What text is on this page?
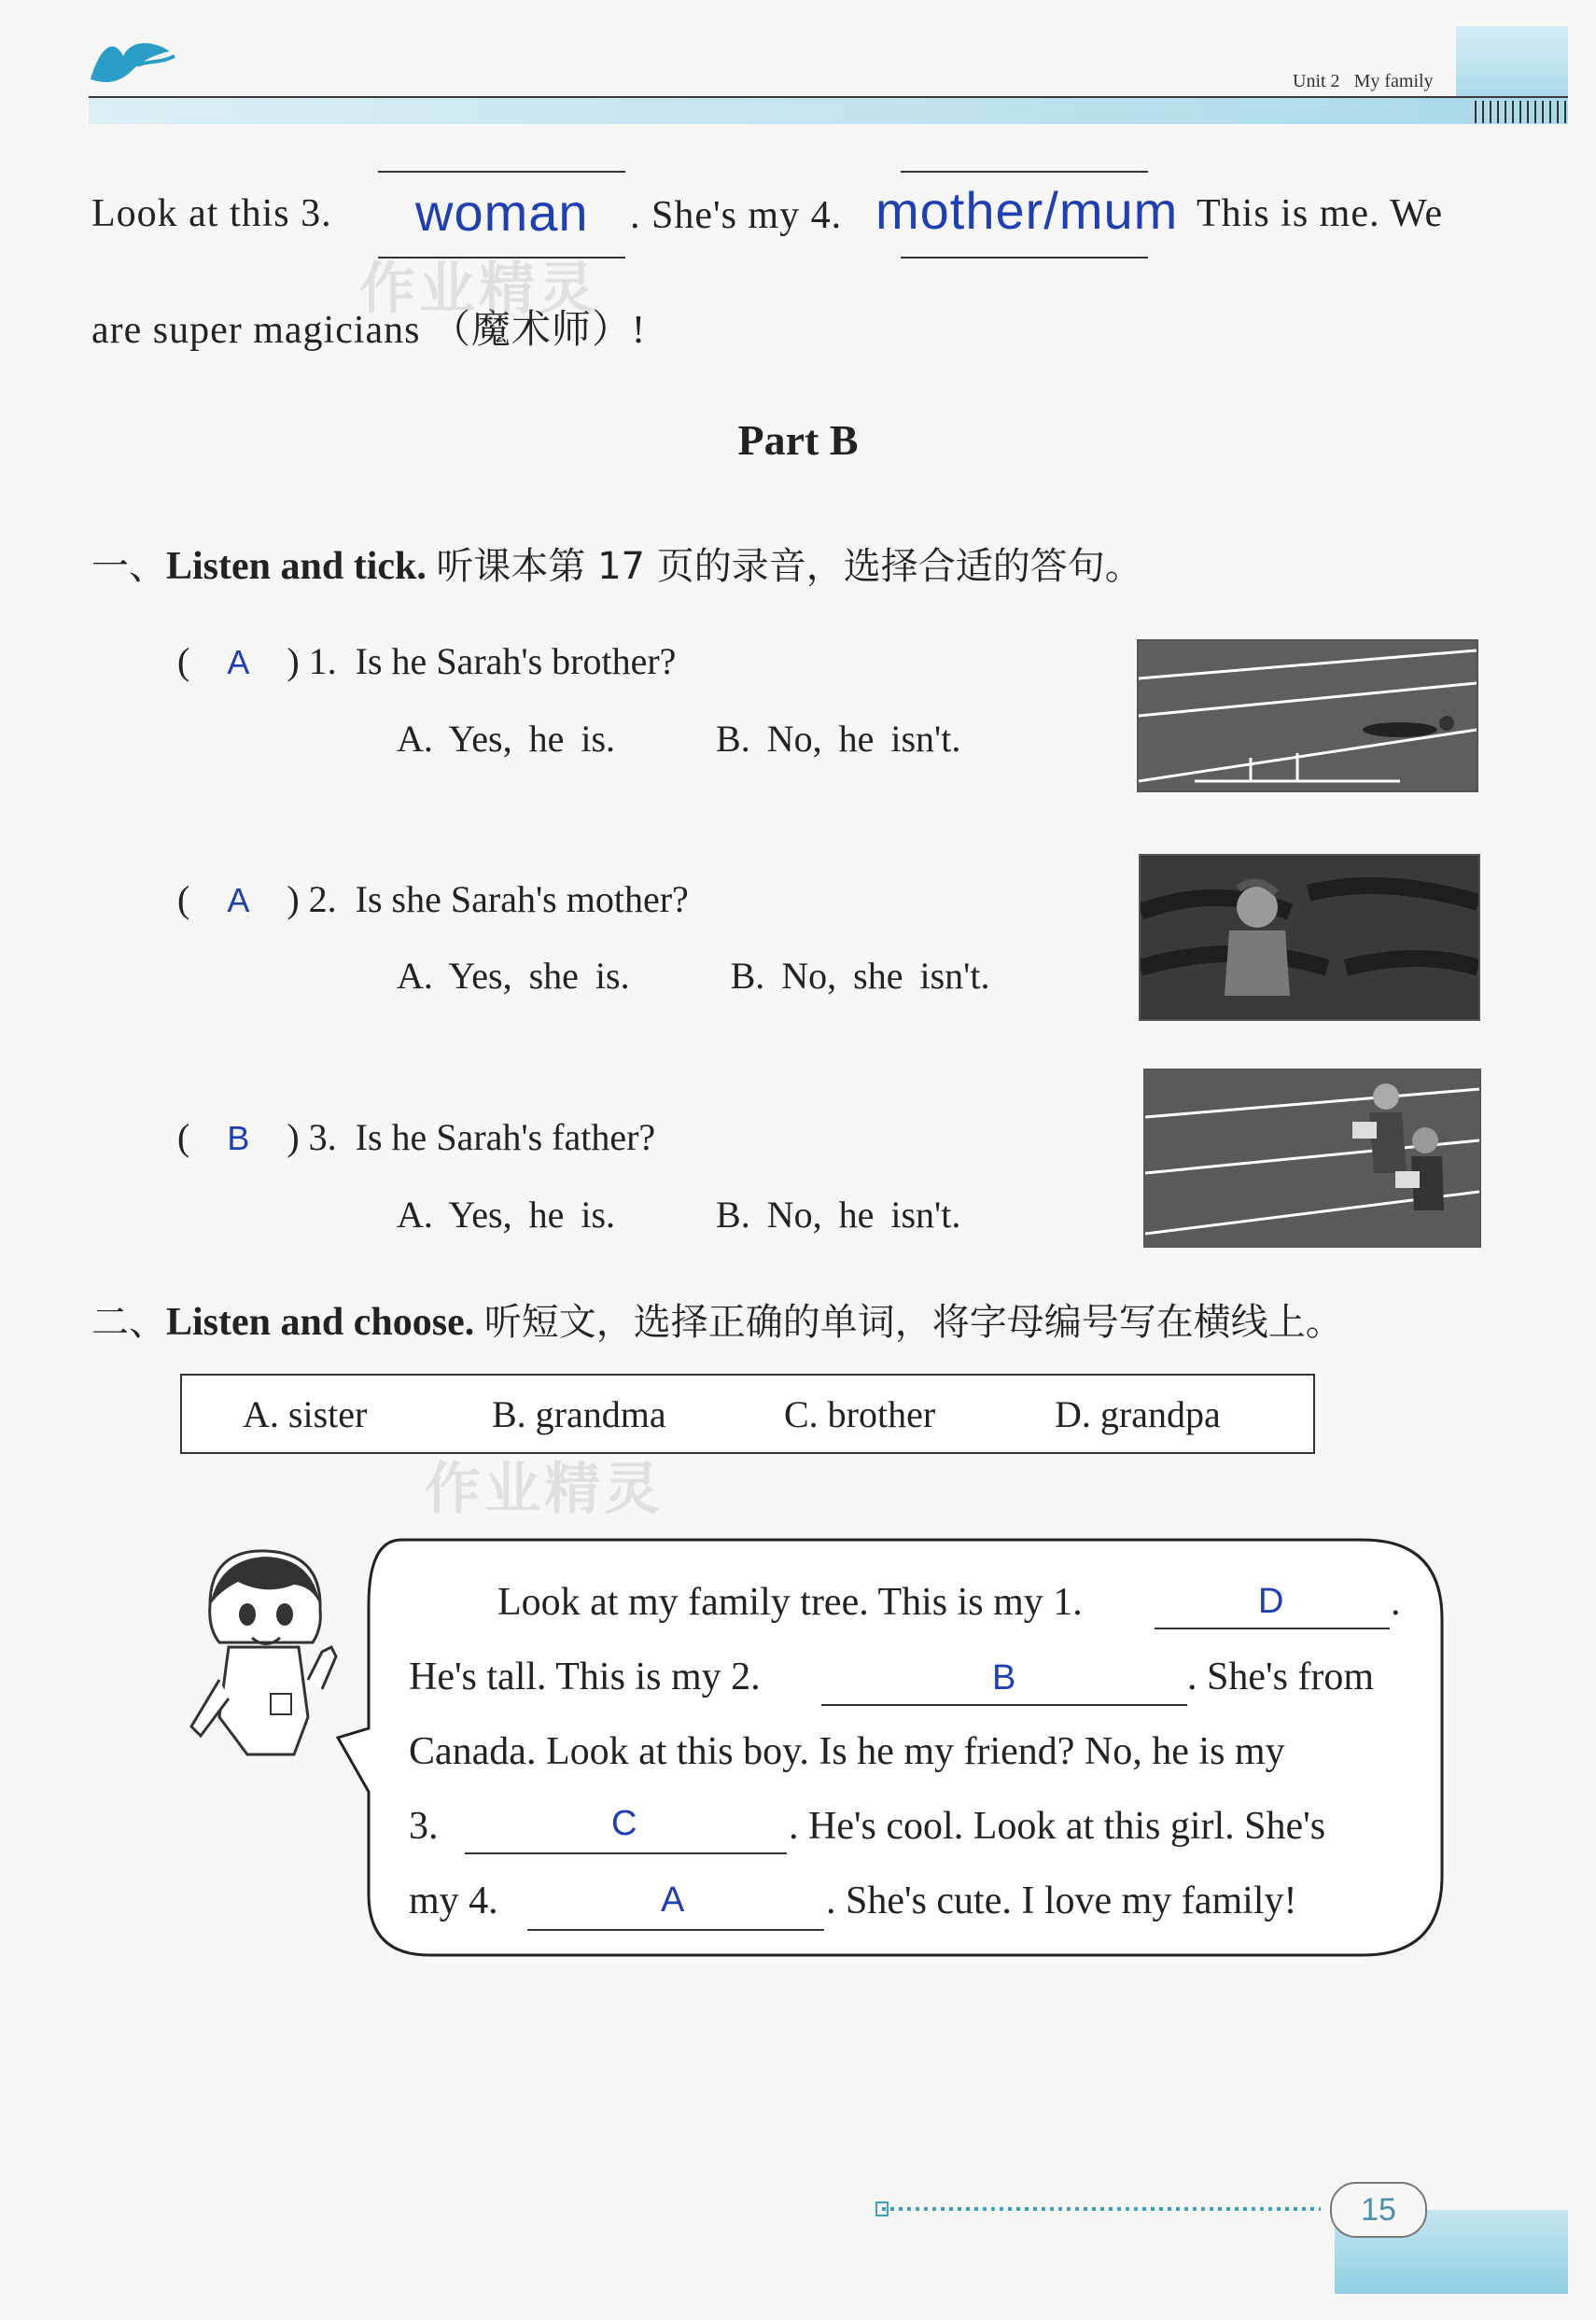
Unit 2 My family
Look at this 3. woman . She's my 4. mother/mum This is me. We
are super magicians （魔术师）!
作业精灵
Part B
一、Listen and tick. 听课本第 17 页的录音，选择合适的答句。
(    A    ) 1. Is he Sarah's brother?
A. Yes, he is.	B. No, he isn't.
(    A    ) 2. Is she Sarah's mother?
A. Yes, she is.	B. No, she isn't.
(    B    ) 3. Is he Sarah's father?
A. Yes, he is.	B. No, he isn't.
二、Listen and choose. 听短文，选择正确的单词，将字母编号写在横线上。
A. sister	B. grandma	C. brother	D. grandpa
作业精灵
Look at my family tree. This is my 1.	.
D
He's tall. This is my 2.	B	. She's from
Canada. Look at this boy. Is he my friend? No, he is my
3.	C	. He's cool. Look at this girl. She's
my 4.	A	. She's cute. I love my family!
15
